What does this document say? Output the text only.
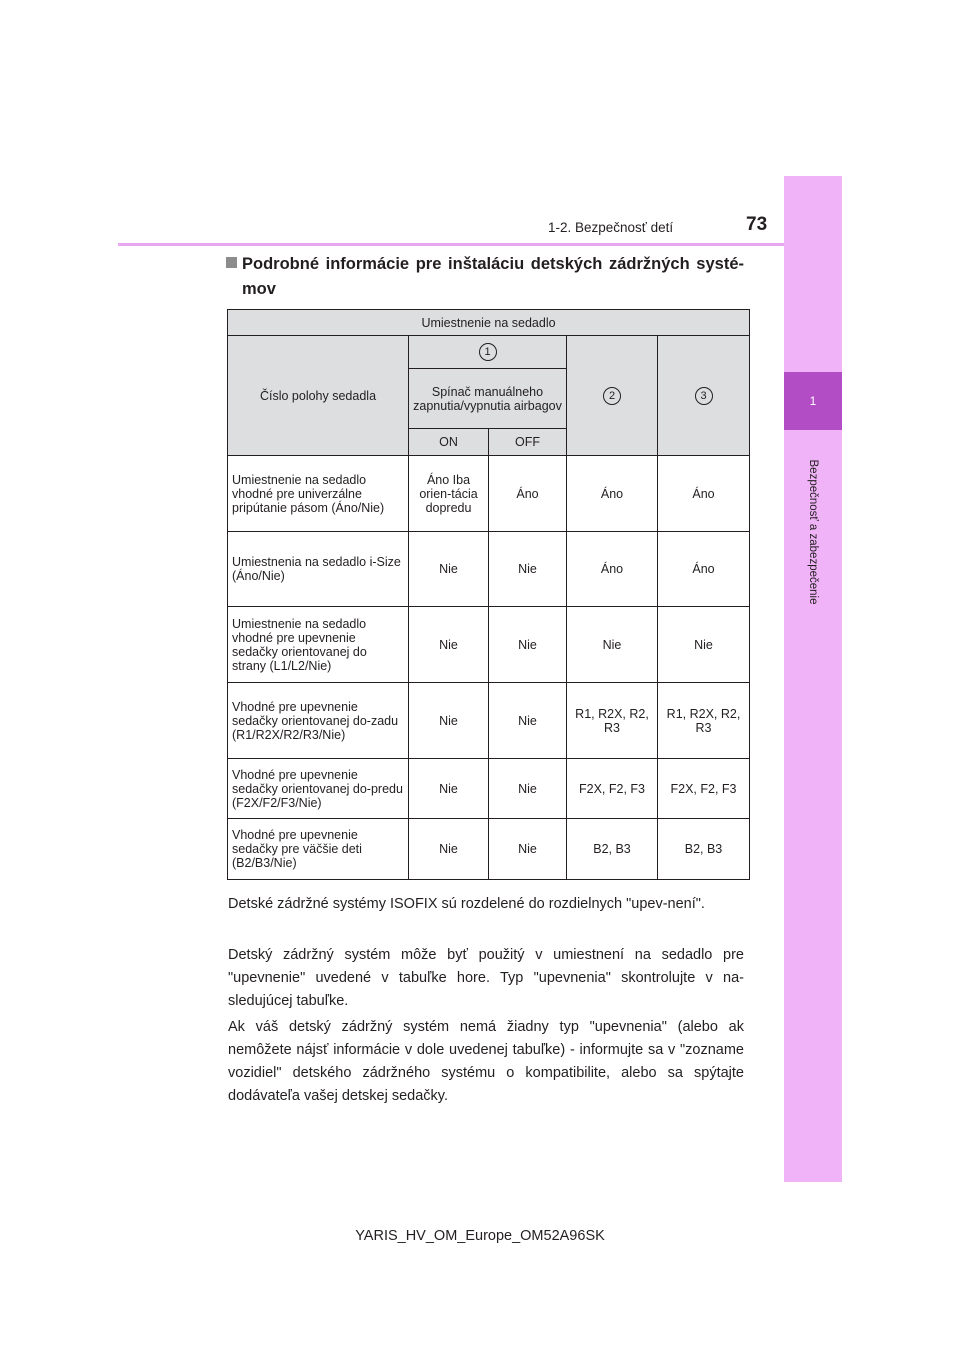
1-2. Bezpečnosť detí	73
1
Bezpečnosť a zabezpečenie
Podrobné informácie pre inštaláciu detských zádržných systé-mov
Umiestnenie na sedadlo				
Číslo polohy sedadla	1		2	3
	Spínač manuálneho zapnutia/vypnutia airbagov			
	ON	OFF		
Umiestnenie na sedadlo vhodné pre univerzálne pripútanie pásom (Áno/Nie)	Áno Iba orien-tácia dopredu	Áno	Áno	Áno
Umiestnenia na sedadlo i-Size (Áno/Nie)	Nie	Nie	Áno	Áno
Umiestnenie na sedadlo vhodné pre upevnenie sedačky orientovanej do strany (L1/L2/Nie)	Nie	Nie	Nie	Nie
Vhodné pre upevnenie sedačky orientovanej do-zadu (R1/R2X/R2/R3/Nie)	Nie	Nie	R1, R2X, R2, R3	R1, R2X, R2, R3
Vhodné pre upevnenie sedačky orientovanej do-predu (F2X/F2/F3/Nie)	Nie	Nie	F2X, F2, F3	F2X, F2, F3
Vhodné pre upevnenie sedačky pre väčšie deti (B2/B3/Nie)	Nie	Nie	B2, B3	B2, B3

Detské zádržné systémy ISOFIX sú rozdelené do rozdielnych "upev-není".

Detský zádržný systém môže byť použitý v umiestnení na sedadlo pre "upevnenie" uvedené v tabuľke hore. Typ "upevnenia" skontrolujte v na-sledujúcej tabuľke.

Ak váš detský zádržný systém nemá žiadny typ "upevnenia" (alebo ak nemôžete nájsť informácie v dole uvedenej tabuľke) - informujte sa v "zozname vozidiel" detského zádržného systému o kompatibilite, alebo sa spýtajte dodávateľa vašej detskej sedačky.

YARIS_HV_OM_Europe_OM52A96SK
